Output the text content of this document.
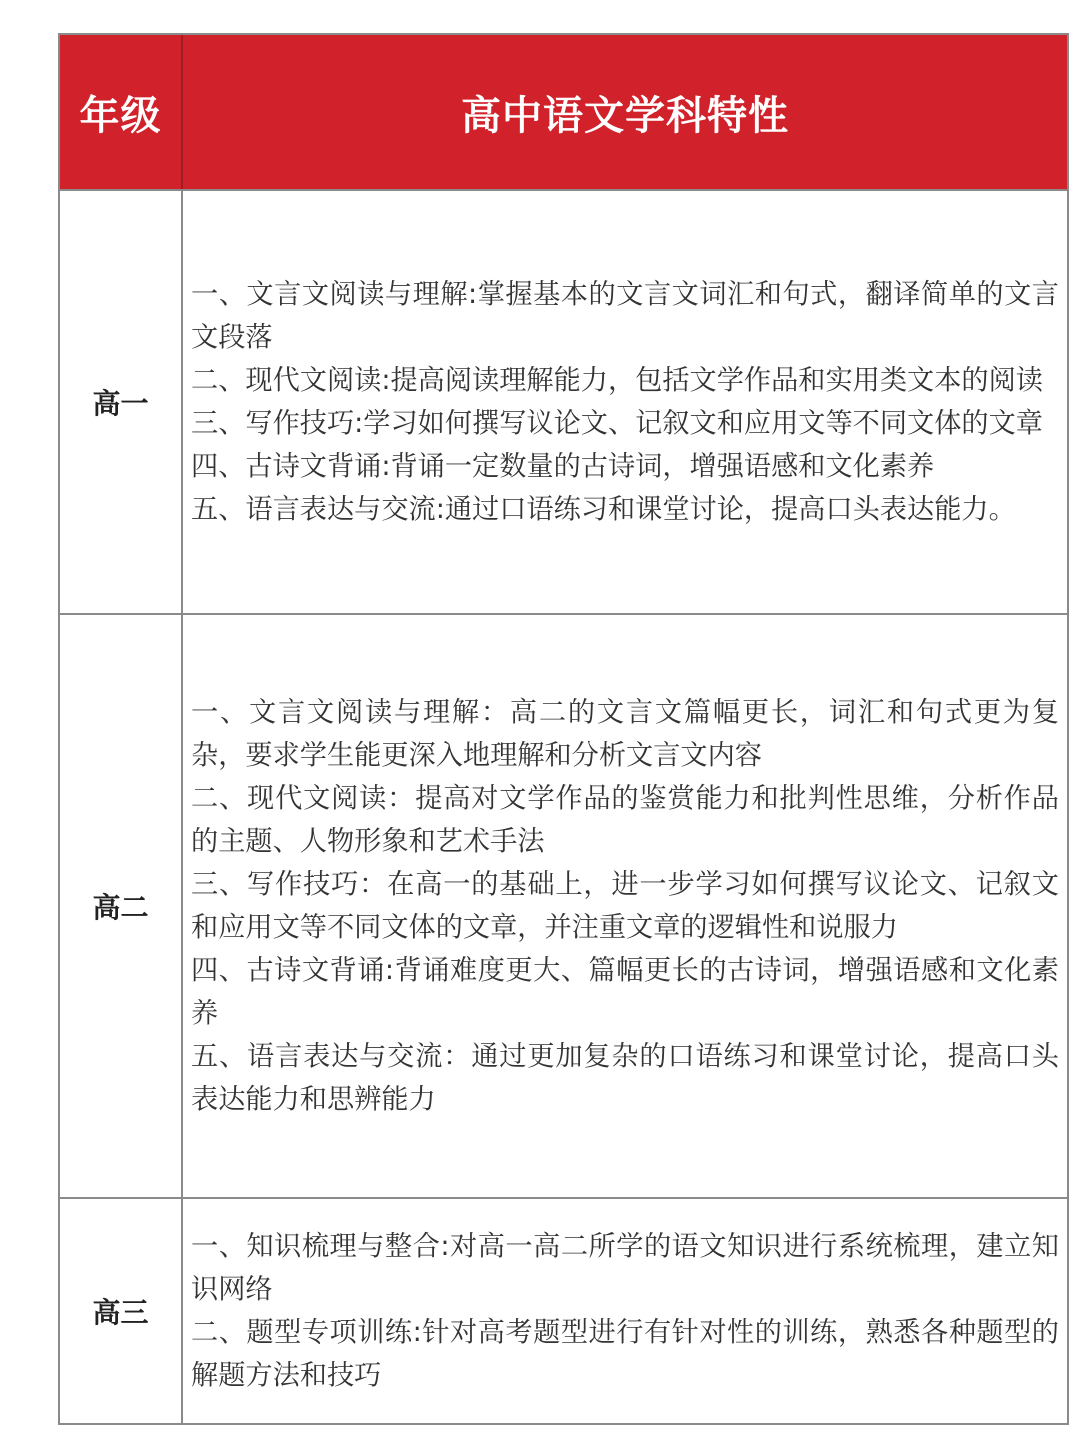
年级	高中语文学科特性
高一

一、文言文阅读与理解:掌握基本的文言文词汇和句式，翻译简单的文言文段落

二、现代文阅读:提高阅读理解能力，包括文学作品和实用类文本的阅读

三、写作技巧:学习如何撰写议论文、记叙文和应用文等不同文体的文章

四、古诗文背诵:背诵一定数量的古诗词，增强语感和文化素养

五、语言表达与交流:通过口语练习和课堂讨论，提高口头表达能力。

高二

一、文言文阅读与理解：高二的文言文篇幅更长，词汇和句式更为复杂，要求学生能更深入地理解和分析文言文内容

二、现代文阅读：提高对文学作品的鉴赏能力和批判性思维，分析作品的主题、人物形象和艺术手法

三、写作技巧：在高一的基础上，进一步学习如何撰写议论文、记叙文和应用文等不同文体的文章，并注重文章的逻辑性和说服力

四、古诗文背诵:背诵难度更大、篇幅更长的古诗词，增强语感和文化素养

五、语言表达与交流：通过更加复杂的口语练习和课堂讨论，提高口头表达能力和思辨能力

高三

一、知识梳理与整合:对高一高二所学的语文知识进行系统梳理，建立知识网络

二、题型专项训练:针对高考题型进行有针对性的训练，熟悉各种题型的解题方法和技巧
